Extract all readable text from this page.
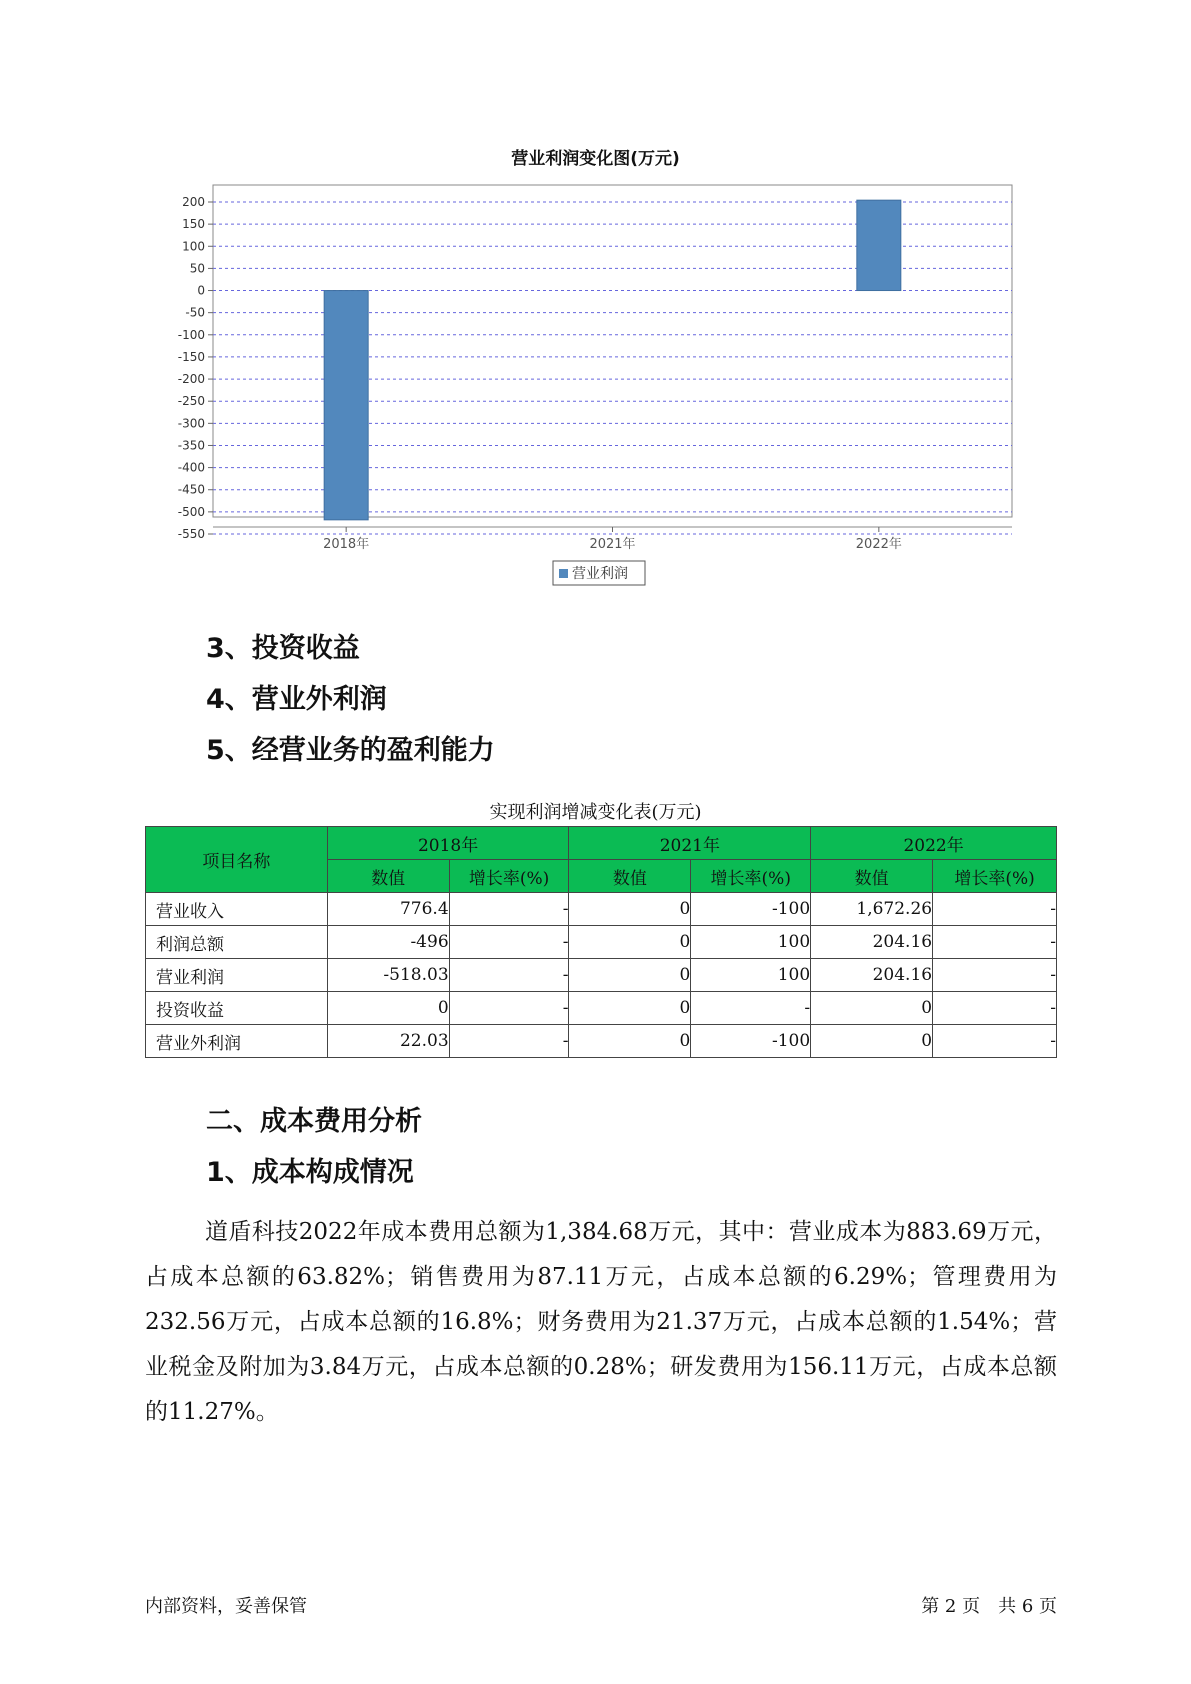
营业利润变化图(万元)
200
150
100
50
0
-50
-100
-150
-200
-250
-300
-350
-400
-450
-500
-550
2018年	2021年	2022年
营业利润
3、投资收益
4、营业外利润
5、经营业务的盈利能力
实现利润增减变化表(万元)
项目名称	2018年		2021年		2022年	
	数值	增长率(%)	数值	增长率(%)	数值	增长率(%)
营业收入	776.4	-	0	-100	1,672.26	-
利润总额	-496	-	0	100	204.16	-
营业利润	-518.03	-	0	100	204.16	-
投资收益	0	-	0	-	0	-
营业外利润	22.03	-	0	-100	0	-
二、成本费用分析
1、成本构成情况

道盾科技2022年成本费用总额为1,384.68万元，其中：营业成本为883.69万元，占成本总额的63.82%；销售费用为87.11万元，占成本总额的6.29%；管理费用为232.56万元，占成本总额的16.8%；财务费用为21.37万元，占成本总额的1.54%；营业税金及附加为3.84万元，占成本总额的0.28%；研发费用为156.11万元，占成本总额的11.27%。

内部资料，妥善保管	第 2 页　共 6 页
